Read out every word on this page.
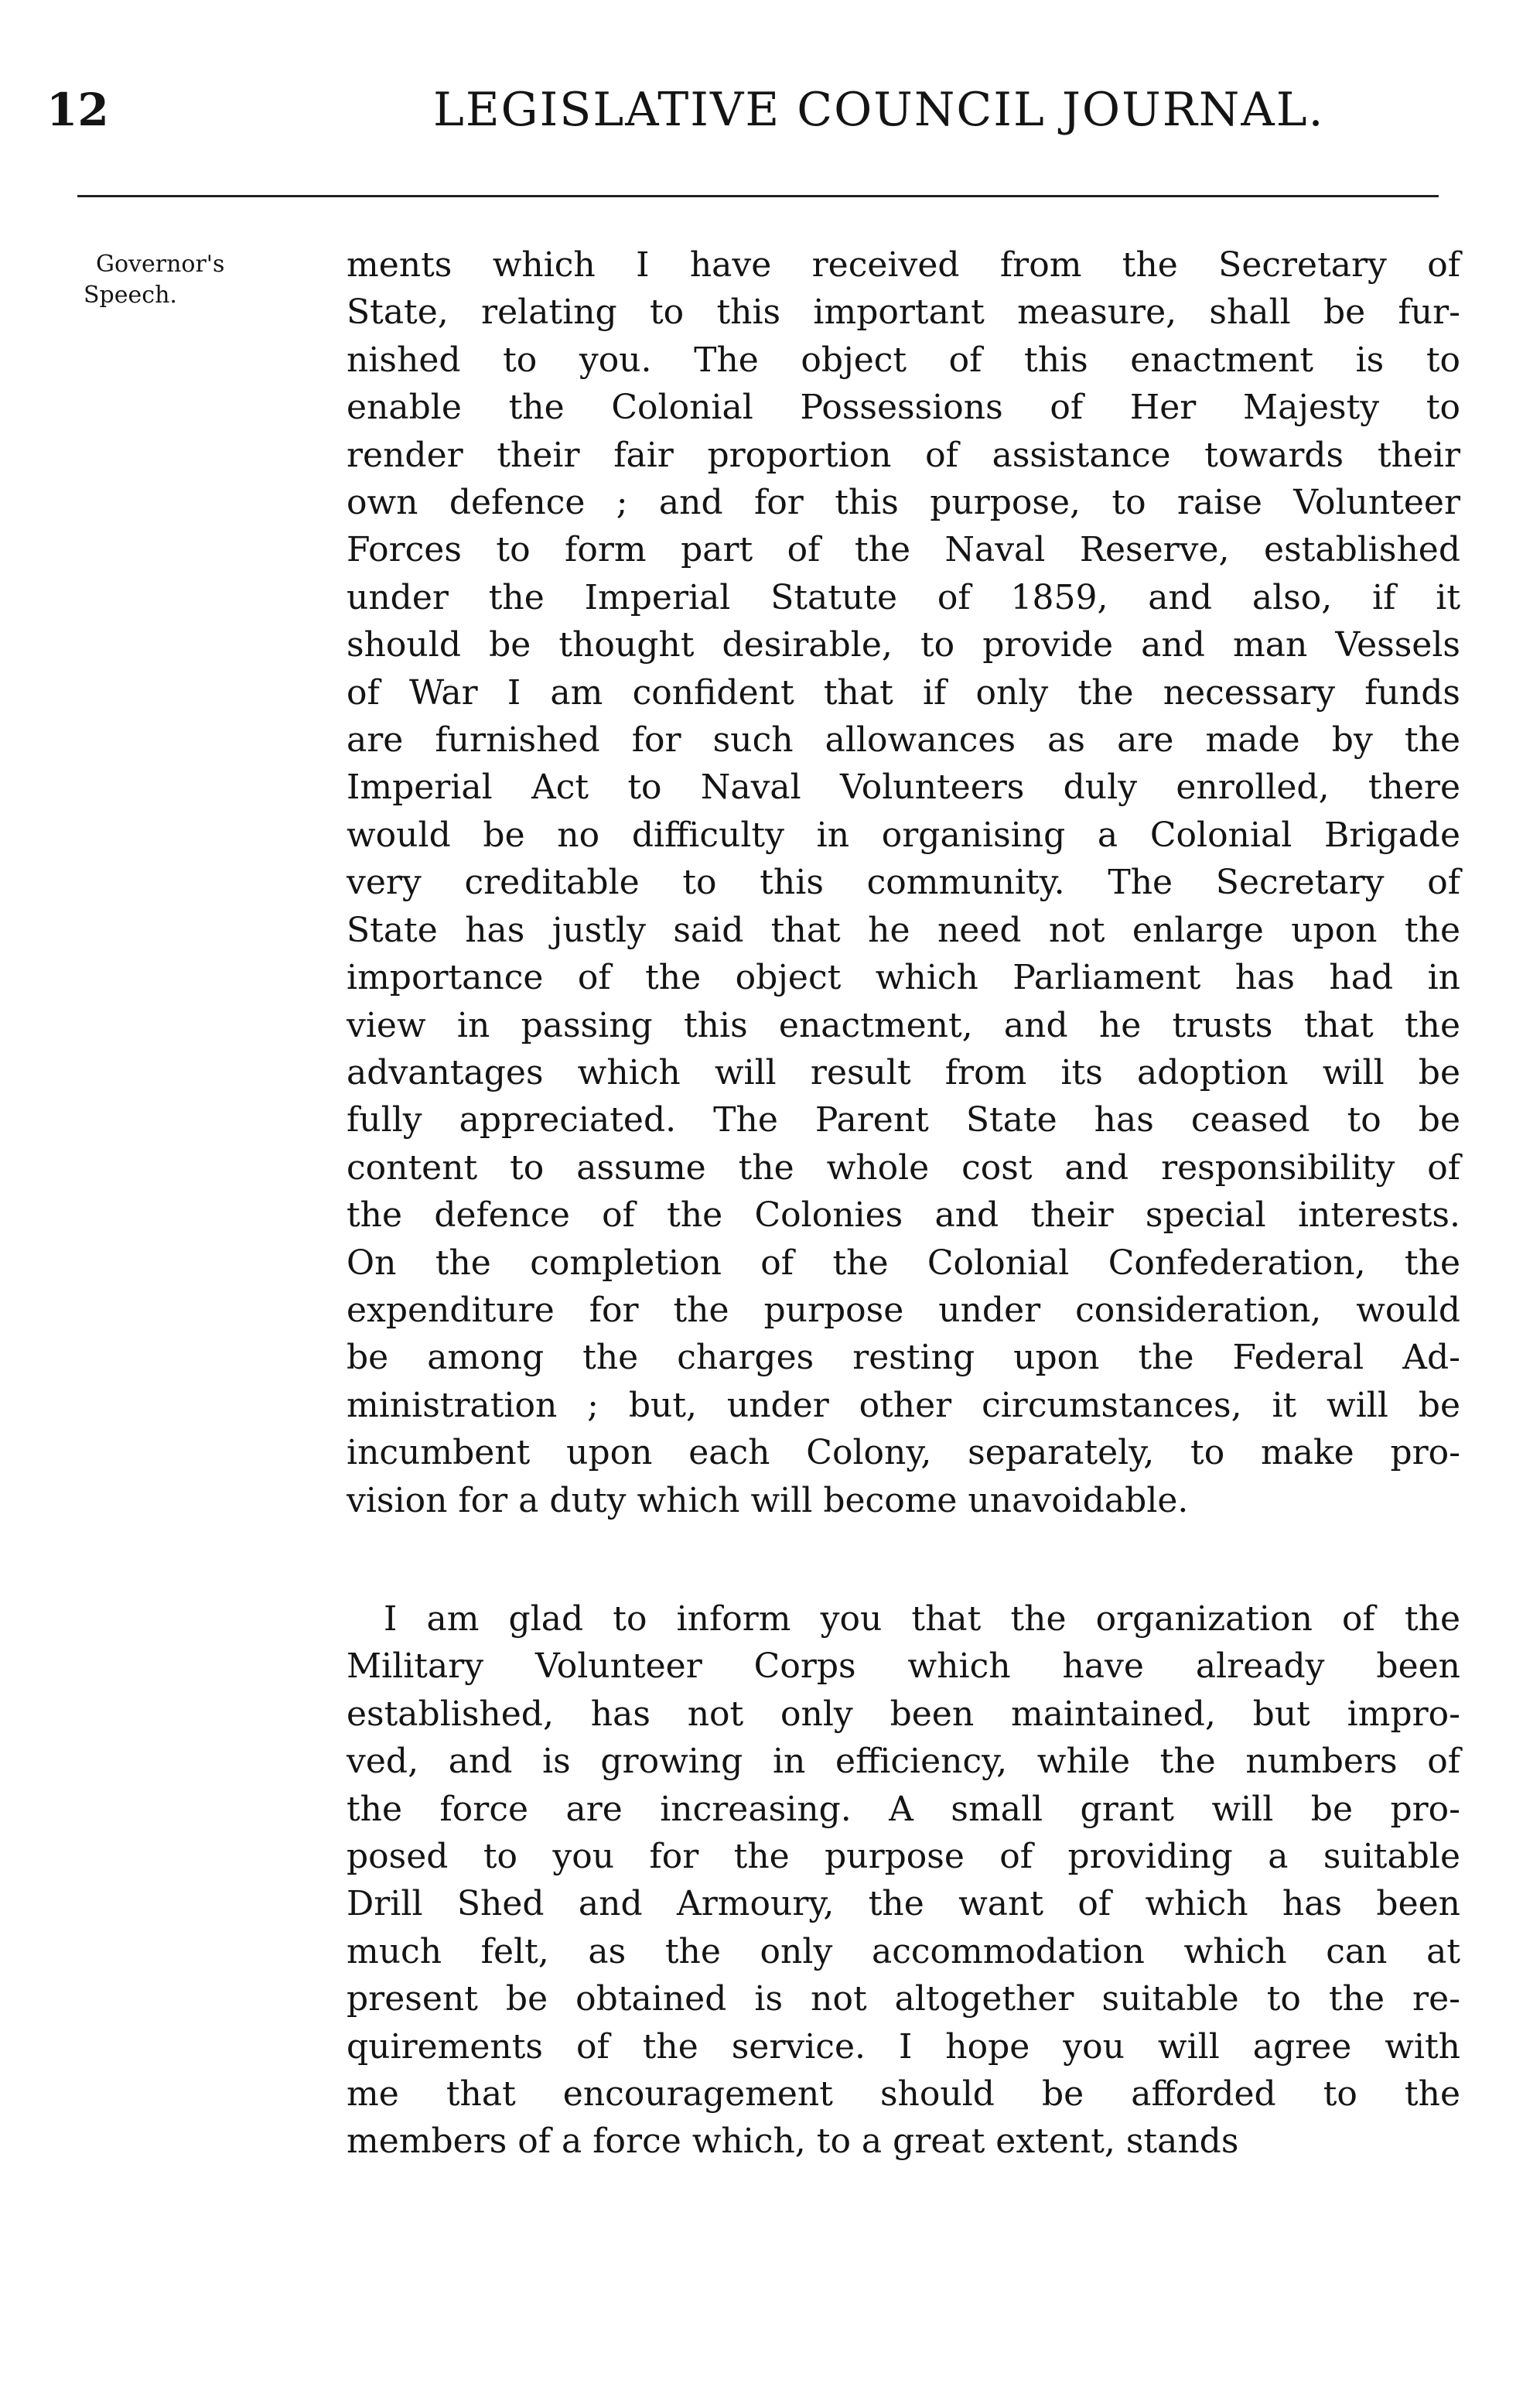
12	LEGISLATIVE COUNCIL JOURNAL.
Governor's
Speech.
ments which I have received from the Secretary of
State, relating to this important measure, shall be fur-
nished to you. The object of this enactment is to
enable the Colonial Possessions of Her Majesty to
render their fair proportion of assistance towards their
own defence ; and for this purpose, to raise Volunteer
Forces to form part of the Naval Reserve, established
under the Imperial Statute of 1859, and also, if it
should be thought desirable, to provide and man Vessels
of War I am confident that if only the necessary funds
are furnished for such allowances as are made by the
Imperial Act to Naval Volunteers duly enrolled, there
would be no difficulty in organising a Colonial Brigade
very creditable to this community. The Secretary of
State has justly said that he need not enlarge upon the
importance of the object which Parliament has had in
view in passing this enactment, and he trusts that the
advantages which will result from its adoption will be
fully appreciated. The Parent State has ceased to be
content to assume the whole cost and responsibility of
the defence of the Colonies and their special interests.
On the completion of the Colonial Confederation, the
expenditure for the purpose under consideration, would
be among the charges resting upon the Federal Ad-
ministration ; but, under other circumstances, it will be
incumbent upon each Colony, separately, to make pro-
vision for a duty which will become unavoidable.
I am glad to inform you that the organization of the
Military Volunteer Corps which have already been
established, has not only been maintained, but impro-
ved, and is growing in efficiency, while the numbers of
the force are increasing. A small grant will be pro-
posed to you for the purpose of providing a suitable
Drill Shed and Armoury, the want of which has been
much felt, as the only accommodation which can at
present be obtained is not altogether suitable to the re-
quirements of the service. I hope you will agree with
me that encouragement should be afforded to the
members of a force which, to a great extent, stands
